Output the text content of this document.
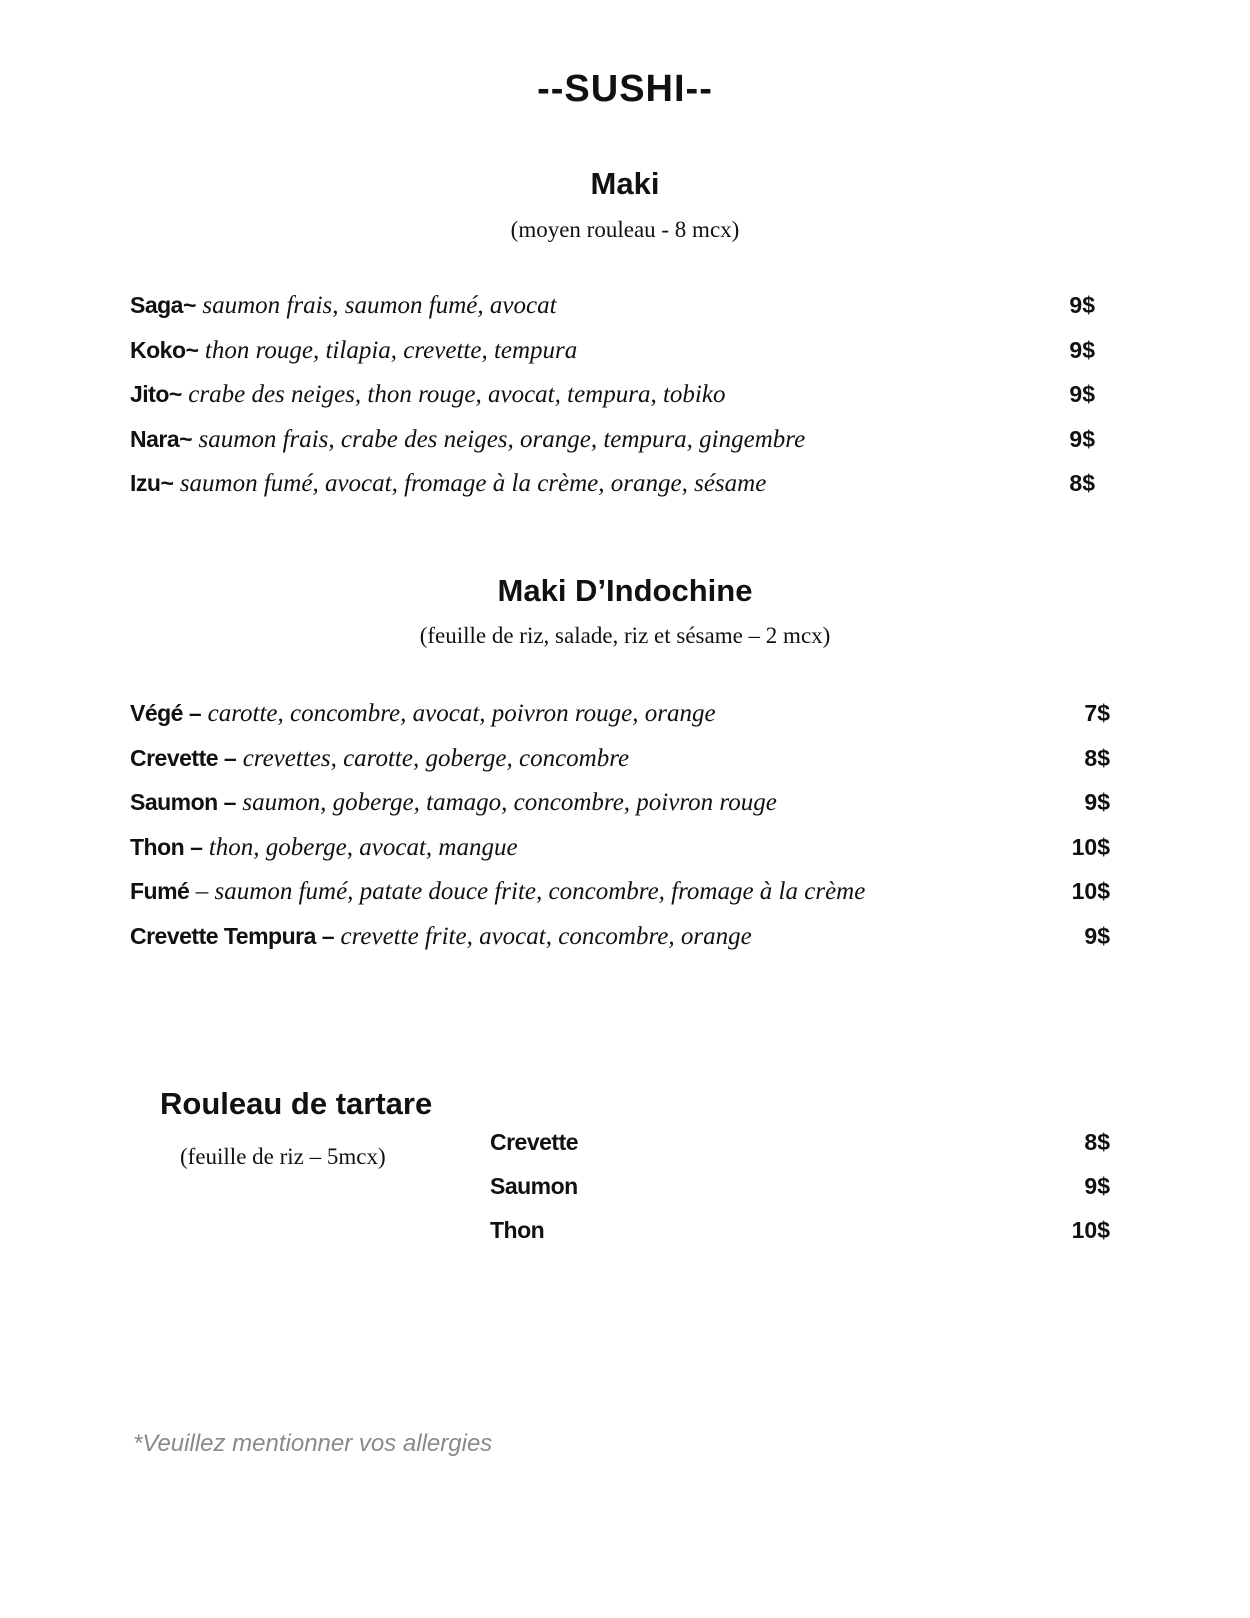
--SUSHI--
Maki
(moyen rouleau - 8 mcx)
Saga~ saumon frais, saumon fumé, avocat	9$
Koko~ thon rouge, tilapia, crevette, tempura	9$
Jito~ crabe des neiges, thon rouge, avocat, tempura, tobiko	9$
Nara~ saumon frais, crabe des neiges, orange, tempura, gingembre	9$
Izu~ saumon fumé, avocat, fromage à la crème, orange, sésame	8$
Maki D’Indochine
(feuille de riz, salade, riz et sésame – 2 mcx)
Végé – carotte, concombre, avocat, poivron rouge, orange	7$
Crevette – crevettes, carotte, goberge, concombre	8$
Saumon – saumon, goberge, tamago, concombre, poivron rouge	9$
Thon – thon, goberge, avocat, mangue	10$
Fumé – saumon fumé, patate douce frite, concombre, fromage à la crème	10$
Crevette Tempura – crevette frite, avocat, concombre, orange	9$
Rouleau de tartare
(feuille de riz – 5mcx)
Crevette	8$
Saumon	9$
Thon	10$
*Veuillez mentionner vos allergies
